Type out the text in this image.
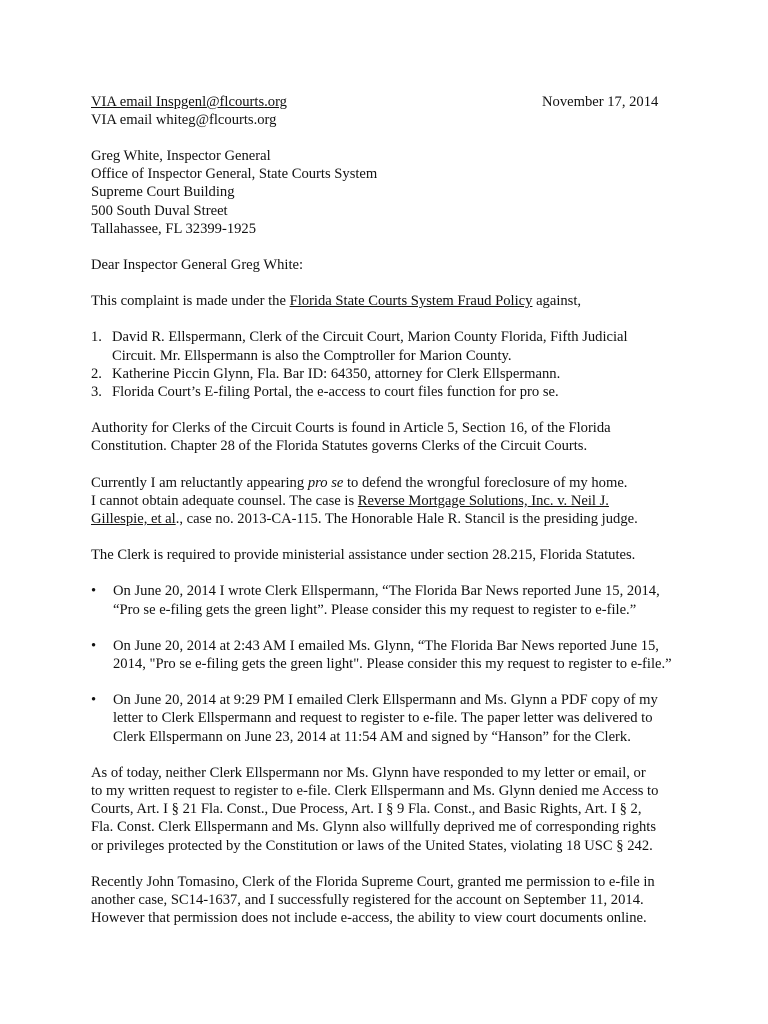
VIA email Inspgenl@flcourts.org
VIA email whiteg@flcourts.org
November 17, 2014
Greg White, Inspector General
Office of Inspector General, State Courts System
Supreme Court Building
500 South Duval Street
Tallahassee, FL 32399-1925
Dear Inspector General Greg White:
This complaint is made under the Florida State Courts System Fraud Policy against,
1. David R. Ellspermann, Clerk of the Circuit Court, Marion County Florida, Fifth Judicial
Circuit. Mr. Ellspermann is also the Comptroller for Marion County.
2. Katherine Piccin Glynn, Fla. Bar ID: 64350, attorney for Clerk Ellspermann.
3. Florida Court’s E-filing Portal, the e-access to court files function for pro se.
Authority for Clerks of the Circuit Courts is found in Article 5, Section 16, of the Florida
Constitution. Chapter 28 of the Florida Statutes governs Clerks of the Circuit Courts.
Currently I am reluctantly appearing pro se to defend the wrongful foreclosure of my home.
I cannot obtain adequate counsel. The case is Reverse Mortgage Solutions, Inc. v. Neil J.
Gillespie, et al., case no. 2013-CA-115. The Honorable Hale R. Stancil is the presiding judge.
The Clerk is required to provide ministerial assistance under section 28.215, Florida Statutes.
• On June 20, 2014 I wrote Clerk Ellspermann, “The Florida Bar News reported June 15, 2014,
“Pro se e-filing gets the green light”. Please consider this my request to register to e-file.”
• On June 20, 2014 at 2:43 AM I emailed Ms. Glynn, “The Florida Bar News reported June 15,
2014, "Pro se e-filing gets the green light". Please consider this my request to register to e-file.”
• On June 20, 2014 at 9:29 PM I emailed Clerk Ellspermann and Ms. Glynn a PDF copy of my
letter to Clerk Ellspermann and request to register to e-file. The paper letter was delivered to
Clerk Ellspermann on June 23, 2014 at 11:54 AM and signed by “Hanson” for the Clerk.
As of today, neither Clerk Ellspermann nor Ms. Glynn have responded to my letter or email, or
to my written request to register to e-file. Clerk Ellspermann and Ms. Glynn denied me Access to
Courts, Art. I § 21 Fla. Const., Due Process, Art. I § 9 Fla. Const., and Basic Rights, Art. I § 2,
Fla. Const. Clerk Ellspermann and Ms. Glynn also willfully deprived me of corresponding rights
or privileges protected by the Constitution or laws of the United States, violating 18 USC § 242.
Recently John Tomasino, Clerk of the Florida Supreme Court, granted me permission to e-file in
another case, SC14-1637, and I successfully registered for the account on September 11, 2014.
However that permission does not include e-access, the ability to view court documents online.
